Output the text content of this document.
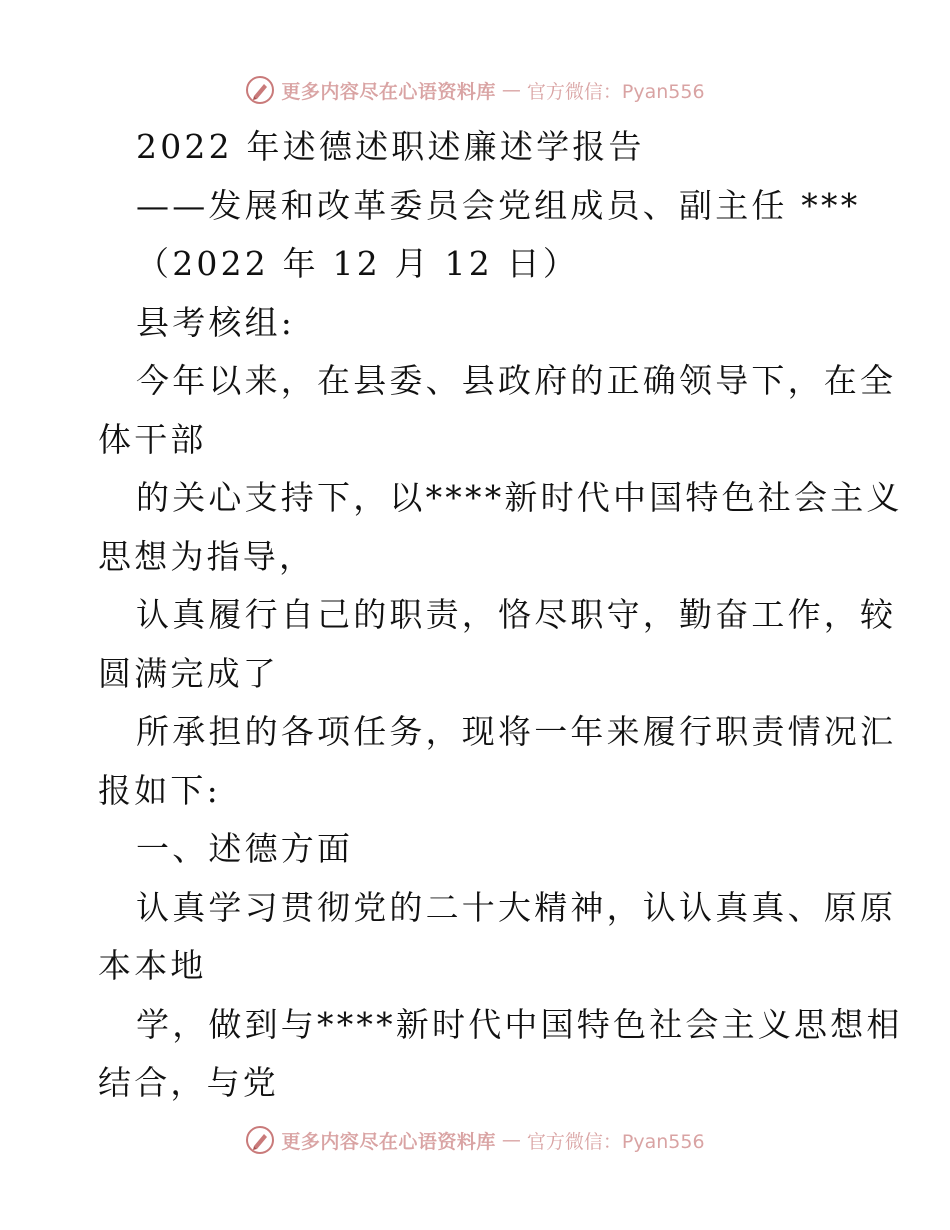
更多内容尽在心语资料库 — 官方微信：Pyan556
2022 年述德述职述廉述学报告
——发展和改革委员会党组成员、副主任 ***
（2022 年 12 月 12 日）
县考核组:
今年以来，在县委、县政府的正确领导下，在全
体干部
的关心支持下，以****新时代中国特色社会主义
思想为指导，
认真履行自己的职责，恪尽职守，勤奋工作，较
圆满完成了
所承担的各项任务，现将一年来履行职责情况汇
报如下:
一、述德方面
认真学习贯彻党的二十大精神，认认真真、原原
本本地
学，做到与****新时代中国特色社会主义思想相
结合，与党
更多内容尽在心语资料库 — 官方微信：Pyan556
